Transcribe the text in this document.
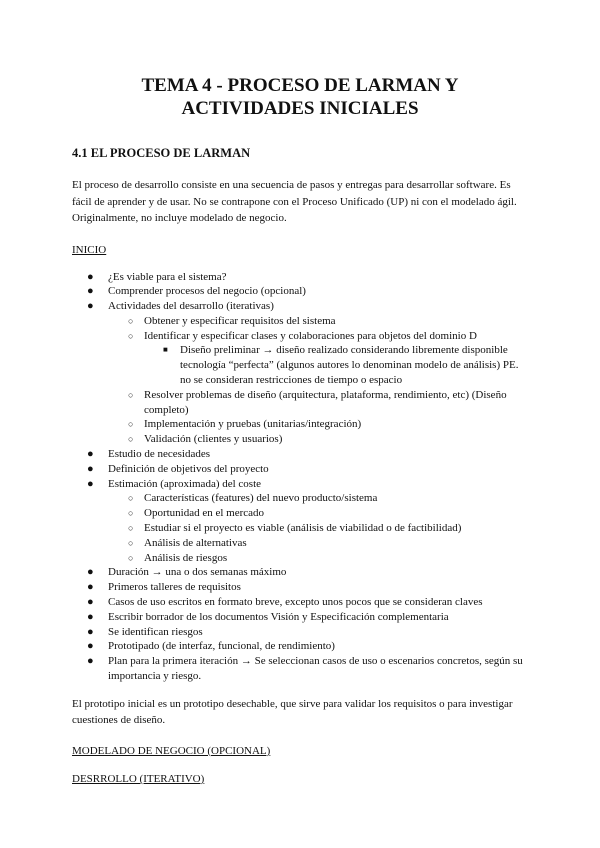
TEMA 4 - PROCESO DE LARMAN Y
ACTIVIDADES INICIALES
4.1 EL PROCESO DE LARMAN

El proceso de desarrollo consiste en una secuencia de pasos y entregas para desarrollar software. Es fácil de aprender y de usar. No se contrapone con el Proceso Unificado (UP) ni con el modelado ágil. Originalmente, no incluye modelado de negocio.

INICIO
● ¿Es viable para el sistema?
● Comprender procesos del negocio (opcional)
● Actividades del desarrollo (iterativas)
○ Obtener y especificar requisitos del sistema
○ Identificar y especificar clases y colaboraciones para objetos del dominio D
■ Diseño preliminar → diseño realizado considerando libremente disponible tecnología “perfecta” (algunos autores lo denominan modelo de análisis) PE. no se consideran restricciones de tiempo o espacio
○ Resolver problemas de diseño (arquitectura, plataforma, rendimiento, etc) (Diseño completo)
○ Implementación y pruebas (unitarias/integración)
○ Validación (clientes y usuarios)
● Estudio de necesidades
● Definición de objetivos del proyecto
● Estimación (aproximada) del coste
○ Características (features) del nuevo producto/sistema
○ Oportunidad en el mercado
○ Estudiar si el proyecto es viable (análisis de viabilidad o de factibilidad)
○ Análisis de alternativas
○ Análisis de riesgos
● Duración → una o dos semanas máximo
● Primeros talleres de requisitos
● Casos de uso escritos en formato breve, excepto unos pocos que se consideran claves
● Escribir borrador de los documentos Visión y Especificación complementaria
● Se identifican riesgos
● Prototipado (de interfaz, funcional, de rendimiento)
● Plan para la primera iteración → Se seleccionan casos de uso o escenarios concretos, según su importancia y riesgo.

El prototipo inicial es un prototipo desechable, que sirve para validar los requisitos o para investigar cuestiones de diseño.

MODELADO DE NEGOCIO (OPCIONAL)
DESRROLLO (ITERATIVO)
